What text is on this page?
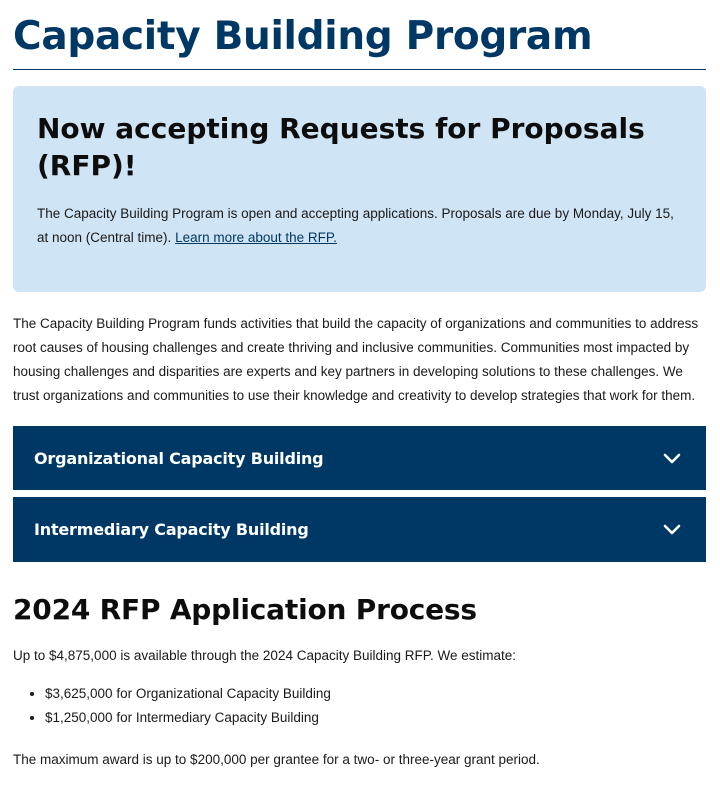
Capacity Building Program
Now accepting Requests for Proposals (RFP)!

The Capacity Building Program is open and accepting applications. Proposals are due by Monday, July 15, at noon (Central time). Learn more about the RFP.

The Capacity Building Program funds activities that build the capacity of organizations and communities to address root causes of housing challenges and create thriving and inclusive communities. Communities most impacted by housing challenges and disparities are experts and key partners in developing solutions to these challenges. We trust organizations and communities to use their knowledge and creativity to develop strategies that work for them.

Organizational Capacity Building
Intermediary Capacity Building
2024 RFP Application Process

Up to $4,875,000 is available through the 2024 Capacity Building RFP. We estimate:

• $3,625,000 for Organizational Capacity Building
• $1,250,000 for Intermediary Capacity Building

The maximum award is up to $200,000 per grantee for a two- or three-year grant period.
